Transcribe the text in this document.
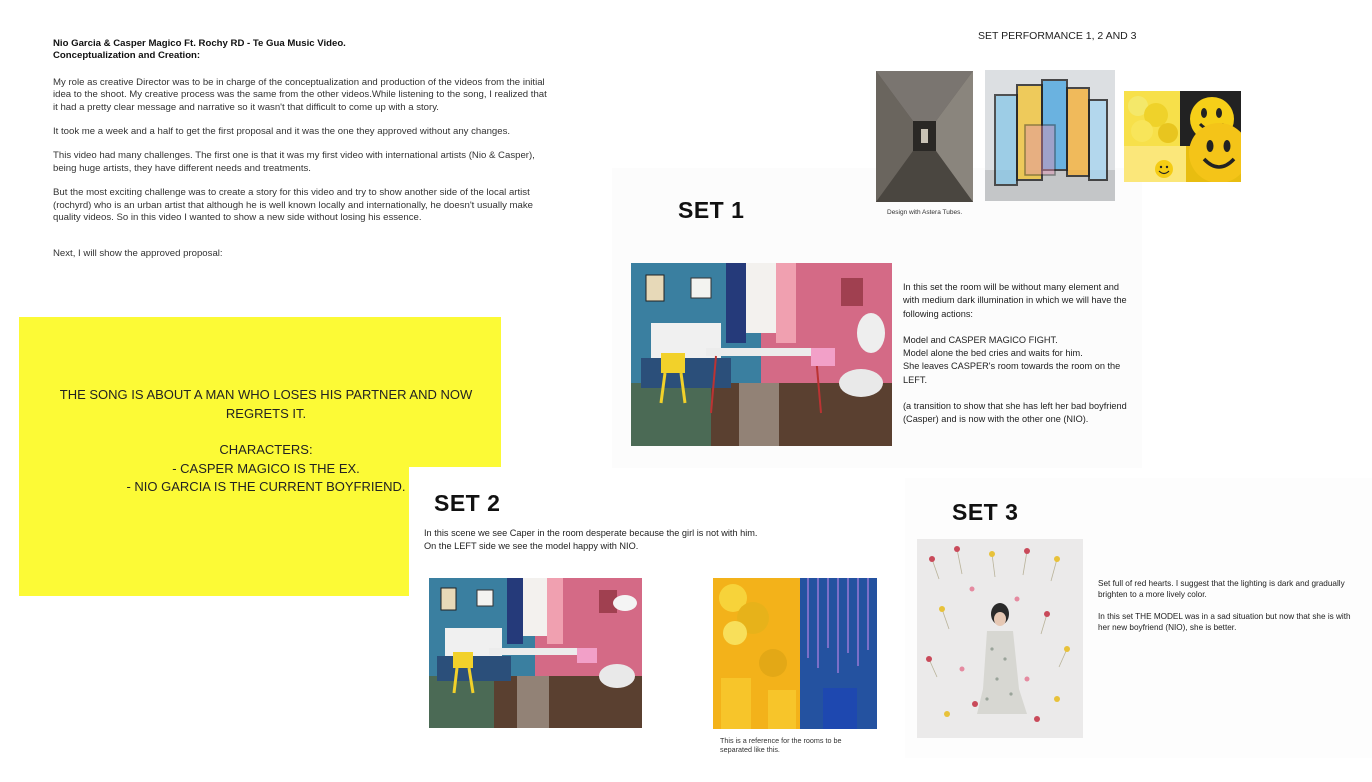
Nio Garcia & Casper Magico Ft. Rochy RD - Te Gua Music Video.
Conceptualization and Creation:

My role as creative Director was to be in charge of the conceptualization and production of the videos from the initial idea to the shoot. My creative process was the same from the other videos.While listening to the song, I realized that it had a pretty clear message and narrative so it wasn't that difficult to come up with a story.

It took me a week and a half to get the first proposal and it was the one they approved without any changes.

This video had many challenges. The first one is that it was my first video with international artists (Nio & Casper), being huge artists, they have different needs and treatments.

But the most exciting challenge was to create a story for this video and try to show another side of the local artist (rochyrd) who is an urban artist that although he is well known locally and internationally, he doesn't usually make quality videos. So in this video I wanted to show a new side without losing his essence.

Next, I will show the approved proposal:

THE SONG IS ABOUT A MAN WHO LOSES HIS PARTNER AND NOW REGRETS IT.

CHARACTERS:
- CASPER MAGICO IS THE EX.
- NIO GARCIA IS THE CURRENT BOYFRIEND.
SET PERFORMANCE 1, 2 AND 3
Design with Astera Tubes.
SET 1
In this set the room will be without many element and with medium dark illumination in which we will have the following actions:
Model and CASPER MAGICO FIGHT.
Model alone the bed cries and waits for him.
She leaves CASPER's room towards the room on the LEFT.
(a transition to show that she has left her bad boyfriend (Casper) and is now with the other one (NIO).
SET 2
In this scene we see Caper in the room desperate because the girl is not with him.
On the LEFT side we see the model happy with NIO.
This is a reference for the rooms to be separated like this.
SET 3
Set full of red hearts. I suggest that the lighting is dark and gradually brighten to a more lively color.
In this set THE MODEL was in a sad situation but now that she is with her new boyfriend (NIO), she is better.
